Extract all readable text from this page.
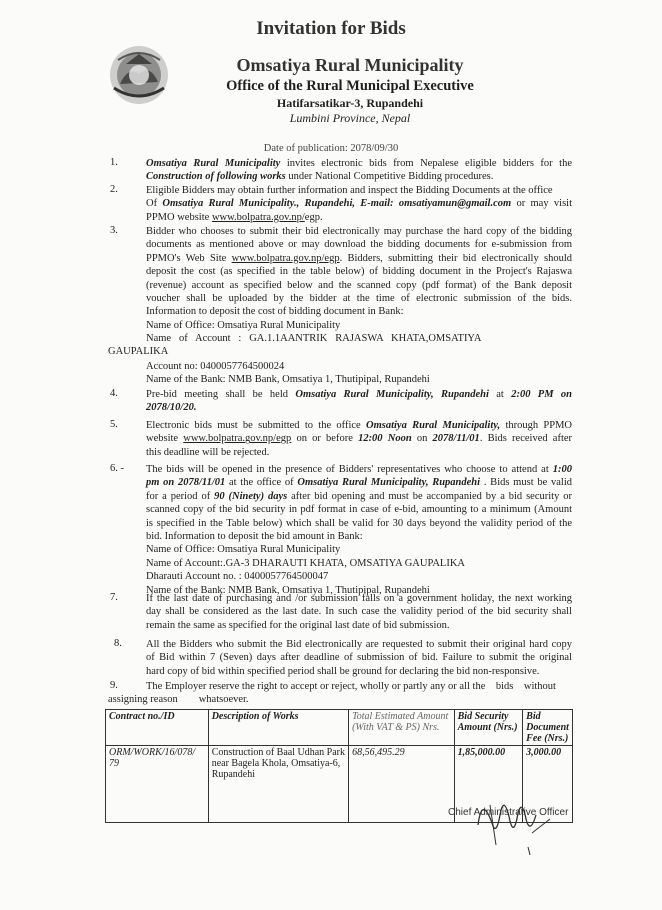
Invitation for Bids
Omsatiya Rural Municipality
Office of the Rural Municipal Executive
Hatifarsatikar-3, Rupandehi
Lumbini Province, Nepal
Date of publication: 2078/09/30
1.	Omsatiya Rural Municipality invites electronic bids from Nepalese eligible bidders for the
Construction of following works under National Competitive Bidding procedures.
2.	Eligible Bidders may obtain further information and inspect the Bidding Documents at the office
Of Omsatiya Rural Municipality., Rupandehi, E-mail: omsatiyamun@gmail.com or may visit
PPMO website www.bolpatra.gov.np/egp.
3.	Bidder who chooses to submit their bid electronically may purchase the hard copy of the bidding
documents as mentioned above or may download the bidding documents for e-submission from
PPMO's Web Site www.bolpatra.gov.np/egp. Bidders, submitting their bid electronically should
deposit the cost (as specified in the table below) of bidding document in the Project's Rajaswa
(revenue) account as specified below and the scanned copy (pdf format) of the Bank deposit
voucher shall be uploaded by the bidder at the time of electronic submission of the bids.
Information to deposit the cost of bidding document in Bank:
Name of Office: Omsatiya Rural Municipality
Name   of   Account   :   GA.1.1AANTRIK   RAJASWA   KHATA,OMSATIYA
GAUPALIKA
Account no: 0400057764500024
Name of the Bank: NMB Bank, Omsatiya 1, Thutipipal, Rupandehi
4.	Pre-bid meeting shall be held Omsatiya Rural Municipality, Rupandehi at 2:00 PM on
2078/10/20.
5.	Electronic bids must be submitted to the office Omsatiya Rural Municipality, through PPMO
website www.bolpatra.gov.np/egp on or before 12:00 Noon on 2078/11/01. Bids received after
this deadline will be rejected.
6. - The bids will be opened in the presence of Bidders' representatives who choose to attend at 1:00
pm on 2078/11/01 at the office of Omsatiya Rural Municipality, Rupandehi . Bids must be valid
for a period of 90 (Ninety) days after bid opening and must be accompanied by a bid security or
scanned copy of the bid security in pdf format in case of e-bid, amounting to a minimum (Amount
is specified in the Table below) which shall be valid for 30 days beyond the validity period of the
bid. Information to deposit the bid amount in Bank:
Name of Office: Omsatiya Rural Municipality
Name of Account:.GA-3 DHARAUTI KHATA, OMSATIYA GAUPALIKA
Dharauti Account no. : 0400057764500047
Name of the Bank: NMB Bank, Omsatiya 1, Thutipipal, Rupandehi
7.	If the last date of purchasing and /or submission falls on a government holiday, the next working
day shall be considered as the last date. In such case the validity period of the bid security shall
remain the same as specified for the original last date of bid submission.
8. All the Bidders who submit the Bid electronically are requested to submit their original hard copy
of Bid within 7 (Seven) days after deadline of submission of bid. Failure to submit the original
hard copy of bid within specified period shall be ground for declaring the bid non-responsive.
9.	The Employer reserve the right to accept or reject, wholly or partly any or all the    bids    without
assigning reason        whatsoever.
Contract no./ID	Description of Works	Total Estimated Amount (With VAT & PS) Nrs.	Bid Security Amount (Nrs.)	Bid Document Fee (Nrs.)
ORM/WORK/16/078/ 79	Construction of Baal Udhan Park near Bagela Khola, Omsatiya-6, Rupandehi	68,56,495.29	1,85,000.00	3,000.00
Chief Administrative Officer
